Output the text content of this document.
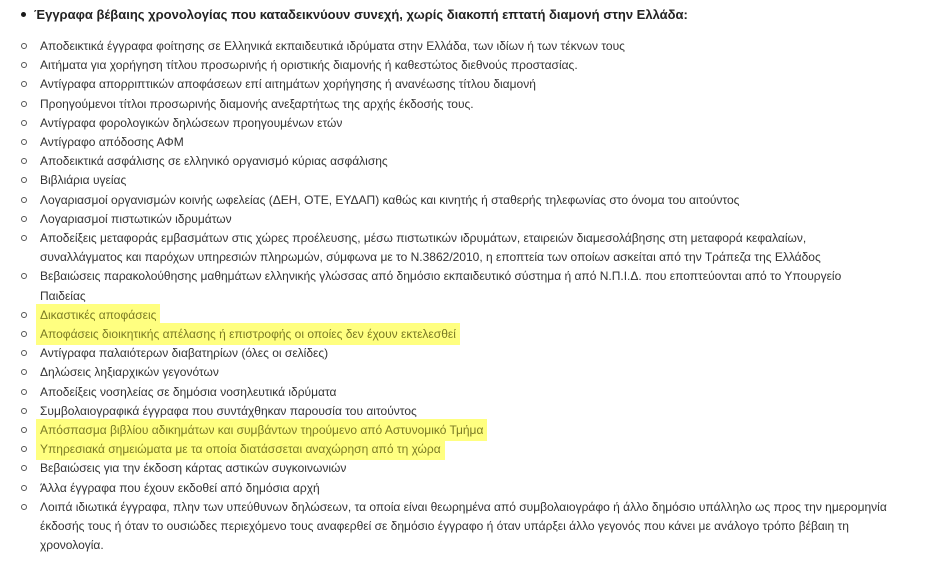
Έγγραφα βέβαιης χρονολογίας που καταδεικνύουν συνεχή, χωρίς διακοπή επτατή διαμονή στην Ελλάδα:
Αποδεικτικά έγγραφα φοίτησης σε Ελληνικά εκπαιδευτικά ιδρύματα στην Ελλάδα, των ιδίων ή των τέκνων τους
Αιτήματα για χορήγηση τίτλου προσωρινής ή οριστικής διαμονής ή καθεστώτος διεθνούς προστασίας.
Αντίγραφα απορριπτικών αποφάσεων επί αιτημάτων χορήγησης ή ανανέωσης τίτλου διαμονή
Προηγούμενοι τίτλοι προσωρινής διαμονής ανεξαρτήτως της αρχής έκδοσής τους.
Αντίγραφα φορολογικών δηλώσεων προηγουμένων ετών
Αντίγραφο απόδοσης ΑΦΜ
Αποδεικτικά ασφάλισης σε ελληνικό οργανισμό κύριας ασφάλισης
Βιβλιάρια υγείας
Λογαριασμοί οργανισμών κοινής ωφελείας (ΔΕΗ, ΟΤΕ, ΕΥΔΑΠ) καθώς και κινητής ή σταθερής τηλεφωνίας στο όνομα του αιτούντος
Λογαριασμοί πιστωτικών ιδρυμάτων
Αποδείξεις μεταφοράς εμβασμάτων στις χώρες προέλευσης, μέσω πιστωτικών ιδρυμάτων, εταιρειών διαμεσολάβησης στη μεταφορά κεφαλαίων, συναλλάγματος και παρόχων υπηρεσιών πληρωμών, σύμφωνα με το Ν.3862/2010, η εποπτεία των οποίων ασκείται από την Τράπεζα της Ελλάδος
Βεβαιώσεις παρακολούθησης μαθημάτων ελληνικής γλώσσας από δημόσιο εκπαιδευτικό σύστημα ή από Ν.Π.Ι.Δ. που εποπτεύονται από το Υπουργείο Παιδείας
Δικαστικές αποφάσεις
Αποφάσεις διοικητικής απέλασης ή επιστροφής οι οποίες δεν έχουν εκτελεσθεί
Αντίγραφα παλαιότερων διαβατηρίων (όλες οι σελίδες)
Δηλώσεις ληξιαρχικών γεγονότων
Αποδείξεις νοσηλείας σε δημόσια νοσηλευτικά ιδρύματα
Συμβολαιογραφικά έγγραφα που συντάχθηκαν παρουσία του αιτούντος
Απόσπασμα βιβλίου αδικημάτων και συμβάντων τηρούμενο από Αστυνομικό Τμήμα
Υπηρεσιακά σημειώματα με τα οποία διατάσσεται αναχώρηση από τη χώρα
Βεβαιώσεις για την έκδοση κάρτας αστικών συγκοινωνιών
Άλλα έγγραφα που έχουν εκδοθεί από δημόσια αρχή
Λοιπά ιδιωτικά έγγραφα, πλην των υπεύθυνων δηλώσεων, τα οποία είναι θεωρημένα από συμβολαιογράφο ή άλλο δημόσιο υπάλληλο ως προς την ημερομηνία έκδοσής τους ή όταν το ουσιώδες περιεχόμενο τους αναφερθεί σε δημόσιο έγγραφο ή όταν υπάρξει άλλο γεγονός που κάνει με ανάλογο τρόπο βέβαιη τη χρονολογία.
